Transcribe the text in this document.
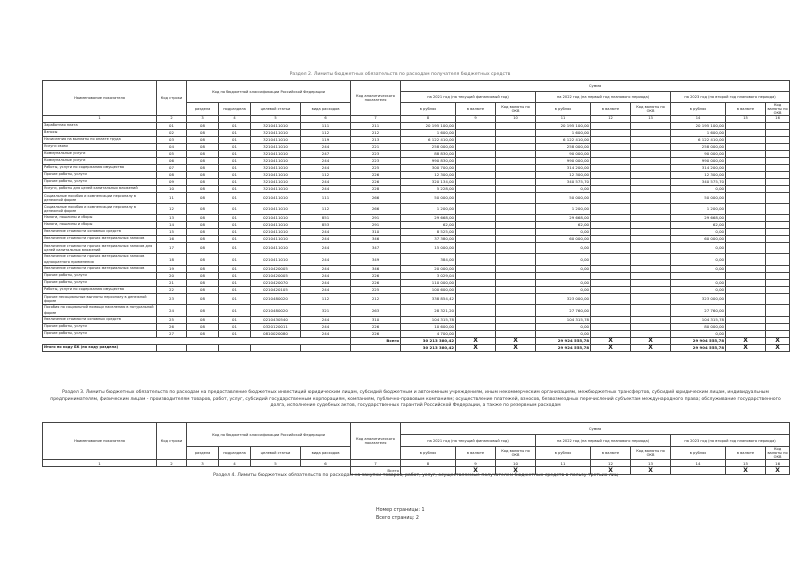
Раздел 2. Лимиты бюджетных обязательств по расходам получателя бюджетных средств
Наименование показателя	Код строки	Код по бюджетной классификации Российской Федерации				Код аналитического показателя	Сумма								
							на 2021 год (на текущий финансовый год)			на 2022 год (на первый год планового периода)			на 2023 год (на второй год планового периода)		
		раздела	подраздела	целевой статьи	вида расходов		в рублях	в валюте	Код валюты по ОКВ	в рублях	в валюте	Код валюты по ОКВ	в рублях	в валюте	Код валюты по ОКВ
1	2	3	4	5	6	7	8	9	10	11	12	13	14	15	16
Заработная плата	01	08	01	3210411010	111	211	20 195 100,00			20 195 100,00			20 195 100,00		
Взносы	02	08	01	3210411010	112	212	1 600,00			1 600,00			1 600,00		
Начисления на выплаты по оплате труда	03	08	01	3210411010	119	213	6 122 410,00			6 122 410,00			6 122 410,00		
Услуги связи	04	08	01	3210411010	244	221	258 000,00			258 000,00			258 000,00		
Коммунальные услуги	05	08	01	3210411010	247	223	88 830,00			90 000,00			90 000,00		
Коммунальные услуги	06	08	01	3210411010	244	223	990 830,00			990 000,00			990 000,00		
Работы, услуги по содержанию имущества	07	08	01	3210411010	244	225	300 700,00			314 200,00			314 200,00		
Прочие работы, услуги	08	08	01	3210411010	112	226	12 300,00			12 300,00			12 300,00		
Прочие работы, услуги	09	08	01	3210411010	244	226	320 134,00			340 575,70			340 575,70		
Услуги, работы для целей капитальных вложений	10	08	01	3210411010	244	228	5 228,00			0,00			0,00		
Социальные пособия и компенсации персоналу в денежной форме	11	08	01	0210411010	111	266	50 000,00			50 000,00			50 000,00		
Социальные пособия и компенсации персоналу в денежной форме	12	08	01	0210411010	112	266	1 200,00			1 200,00			1 200,00		
Налоги, пошлины и сборы	13	08	01	0210411010	851	291	29 668,00			29 668,00			29 668,00		
Налоги, пошлины и сборы	14	08	01	0210411010	853	291	62,00			62,00			62,00		
Увеличение стоимости основных средств	15	08	01	0210411010	244	310	8 525,00			0,00			0,00		
Увеличение стоимости прочих материальных запасов	16	08	01	0210411010	244	346	37 380,00			60 000,00			60 000,00		
Увеличение стоимости прочих материальных запасов для целей капитальных вложений	17	08	01	0210411010	244	347	15 000,00			0,00			0,00		
Увеличение стоимости прочих материальных запасов однократного применения	18	08	01	0210411010	244	349	384,00			0,00			0,00		
Увеличение стоимости прочих материальных запасов	19	08	01	0210420005	244	346	20 000,00			0,00			0,00		
Прочие работы, услуги	20	08	01	0210420005	244	226	3 029,04								
Прочие работы, услуги	21	08	01	0210420070	244	226	110 000,00			0,00			0,00		
Работы, услуги по содержанию имущества	22	08	01	0210420105	244	225	100 600,00			0,00			0,00		
Прочие несоциальные выплаты персоналу в денежной форме	23	08	01	0210480020	112	212	338 854,42			323 000,00			323 000,00		
Пособия по социальной помощи населению в натуральной форме	24	08	01	0210480020	321	263	28 321,20			27 760,00			27 760,00		
Увеличение стоимости основных средств	25	08	01	0210430540	244	310	104 315,78			104 315,78			104 315,78		
Прочие работы, услуги	26	08	01	0320120011	244	226	10 600,00			0,00			80 000,00		
Прочие работы, услуги	27	08	01	0810020080	244	226	4 700,00			0,00			0,00		
						Всего	30 213 380,42	X	X	29 924 555,78	X	X	29 904 555,78	X	X
Итого по коду БК (по коду раздела)							30 213 380,42	X	X	29 924 555,78	X	X	29 904 555,78	X	X
Раздел 3. Лимиты бюджетных обязательств по расходам на предоставление бюджетных инвестиций юридическим лицам, субсидий бюджетным и автономным учреждениям, иным некоммерческим организациям, межбюджетных трансфертов, субсидий юридическим лицам, индивидуальным предпринимателям, физическим лицам - производителям товаров, работ, услуг, субсидий государственным корпорациям, компаниям, публично-правовым компаниям; осуществление платежей, взносов, безвозмездных перечислений субъектам международного права; обслуживание государственного долга, исполнение судебных актов, государственных гарантий Российской Федерации, а также по резервным расходам
Наименование показателя	Код строки	Код по бюджетной классификации Российской Федерации				Код аналитического показателя	Сумма								
							на 2021 год (на текущий финансовый год)			на 2022 год (на первый год планового периода)			на 2023 год (на второй год планового периода)		
		раздела	подраздела	целевой статьи	вида расходов		в рублях	в валюте	Код валюты по ОКВ	в рублях	в валюте	Код валюты по ОКВ	в рублях	в валюте	Код валюты по ОКВ
1	2	3	4	5	6	7	8	9	10	11	12	13	14	15	16
						Всего		X	X		X	X		X	X
Раздел 4. Лимиты бюджетных обязательств по расходам на закупки товаров, работ, услуг, осуществляемые получателем бюджетных средств в пользу третьих лиц
Номер страницы: 1
Всего страниц: 2
